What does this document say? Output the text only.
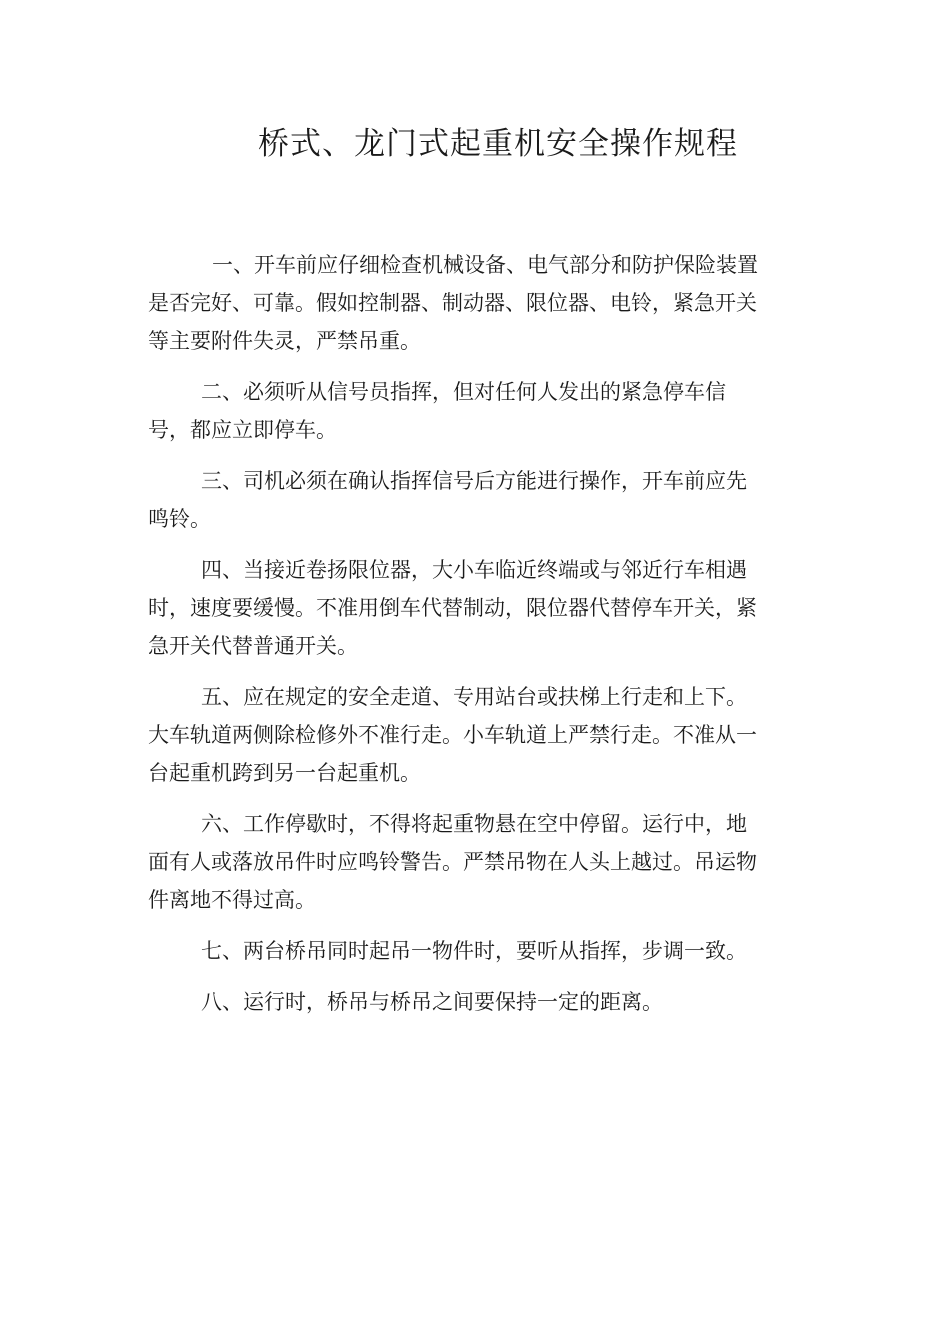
桥式、龙门式起重机安全操作规程

一、开车前应仔细检查机械设备、电气部分和防护保险装置
是否完好、可靠。假如控制器、制动器、限位器、电铃，紧急开关
等主要附件失灵，严禁吊重。

二、必须听从信号员指挥，但对任何人发出的紧急停车信
号，都应立即停车。

三、司机必须在确认指挥信号后方能进行操作，开车前应先
鸣铃。

四、当接近卷扬限位器，大小车临近终端或与邻近行车相遇
时，速度要缓慢。不准用倒车代替制动，限位器代替停车开关，紧
急开关代替普通开关。

五、应在规定的安全走道、专用站台或扶梯上行走和上下。
大车轨道两侧除检修外不准行走。小车轨道上严禁行走。不准从一
台起重机跨到另一台起重机。

六、工作停歇时，不得将起重物悬在空中停留。运行中，地
面有人或落放吊件时应鸣铃警告。严禁吊物在人头上越过。吊运物
件离地不得过高。

七、两台桥吊同时起吊一物件时，要听从指挥，步调一致。

八、运行时，桥吊与桥吊之间要保持一定的距离。
